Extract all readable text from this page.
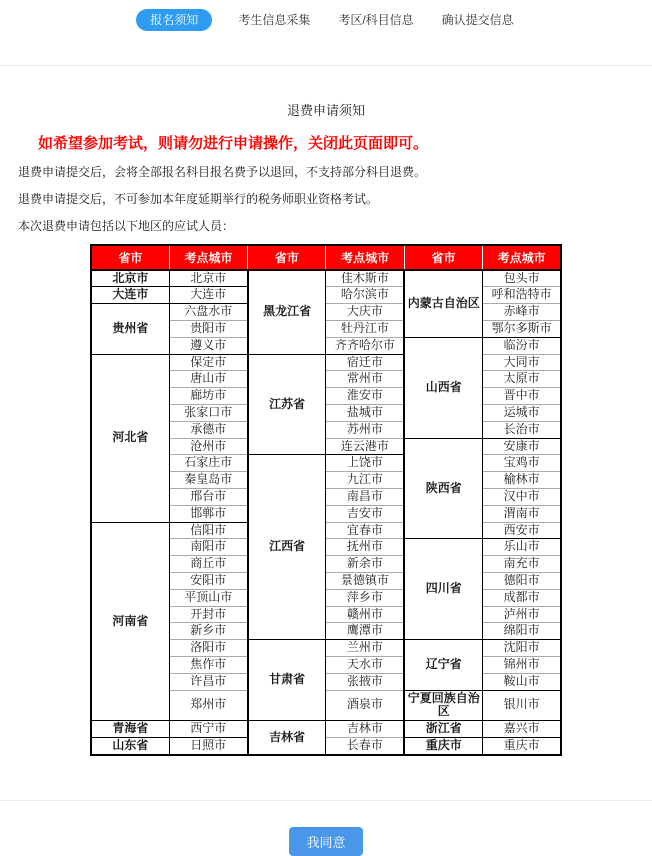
报名须知	考生信息采集 考区/科目信息 确认提交信息
退费申请须知

如希望参加考试，则请勿进行申请操作，关闭此页面即可。

退费申请提交后，会将全部报名科目报名费予以退回，不支持部分科目退费。

退费申请提交后，不可参加本年度延期举行的税务师职业资格考试。

本次退费申请包括以下地区的应试人员：

省市	考点城市	省市	考点城市	省市	考点城市
北京市	北京市	黑龙江省	佳木斯市	内蒙古自治区	包头市
大连市	大连市		哈尔滨市		呼和浩特市
贵州省	六盘水市		大庆市		赤峰市
	贵阳市		牡丹江市		鄂尔多斯市
	遵义市		齐齐哈尔市	山西省	临汾市
河北省	保定市	江苏省	宿迁市		大同市
	唐山市		常州市		太原市
	廊坊市		淮安市		晋中市
	张家口市		盐城市		运城市
	承德市		苏州市		长治市
	沧州市		连云港市	陕西省	安康市
	石家庄市	江西省	上饶市		宝鸡市
	秦皇岛市		九江市		榆林市
	邢台市		南昌市		汉中市
	邯郸市		吉安市		渭南市
河南省	信阳市		宜春市		西安市
	南阳市		抚州市	四川省	乐山市
	商丘市		新余市		南充市
	安阳市		景德镇市		德阳市
	平顶山市		萍乡市		成都市
	开封市		赣州市		泸州市
	新乡市		鹰潭市		绵阳市
	洛阳市	甘肃省	兰州市	辽宁省	沈阳市
	焦作市		天水市		锦州市
	许昌市		张掖市		鞍山市
	郑州市		酒泉市	宁夏回族自治区	银川市
青海省	西宁市	吉林省	吉林市	浙江省	嘉兴市
山东省	日照市		长春市	重庆市	重庆市
我同意
